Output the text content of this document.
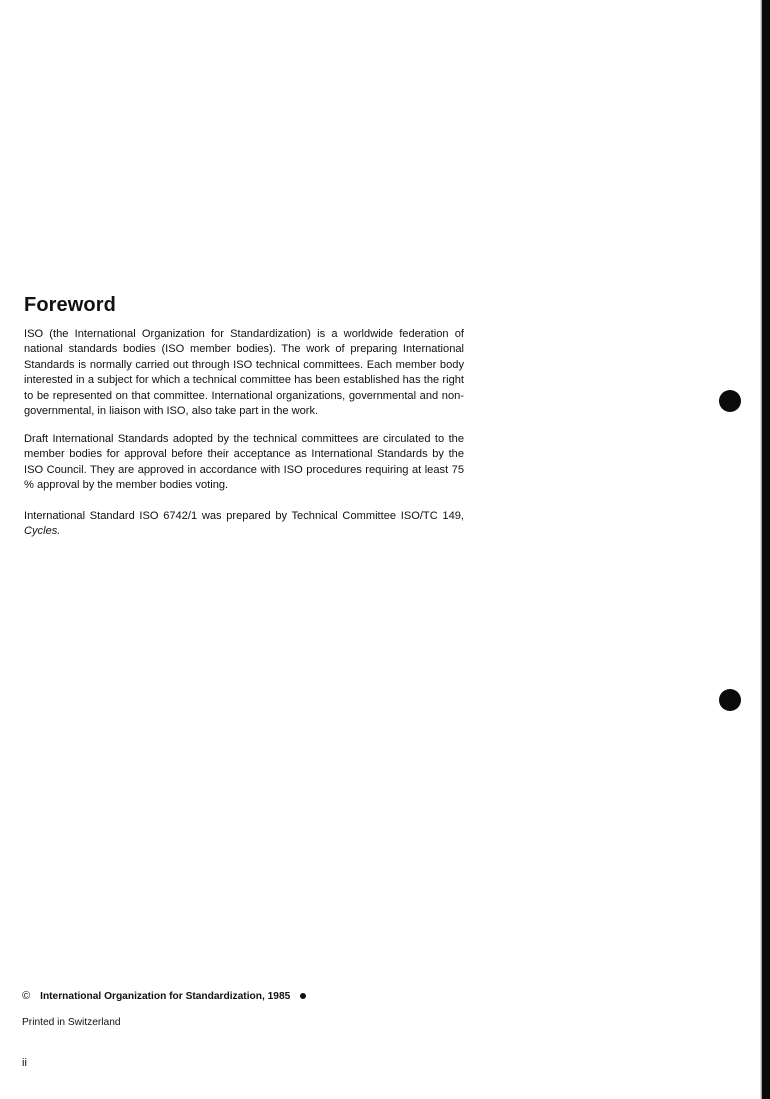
Foreword

ISO (the International Organization for Standardization) is a worldwide federation of national standards bodies (ISO member bodies). The work of preparing International Standards is normally carried out through ISO technical committees. Each member body interested in a subject for which a technical committee has been established has the right to be represented on that committee. International organizations, governmental and non-governmental, in liaison with ISO, also take part in the work.

Draft International Standards adopted by the technical committees are circulated to the member bodies for approval before their acceptance as International Standards by the ISO Council. They are approved in accordance with ISO procedures requiring at least 75 % approval by the member bodies voting.

International Standard ISO 6742/1 was prepared by Technical Committee ISO/TC 149, Cycles.

© International Organization for Standardization, 1985
Printed in Switzerland
ii
